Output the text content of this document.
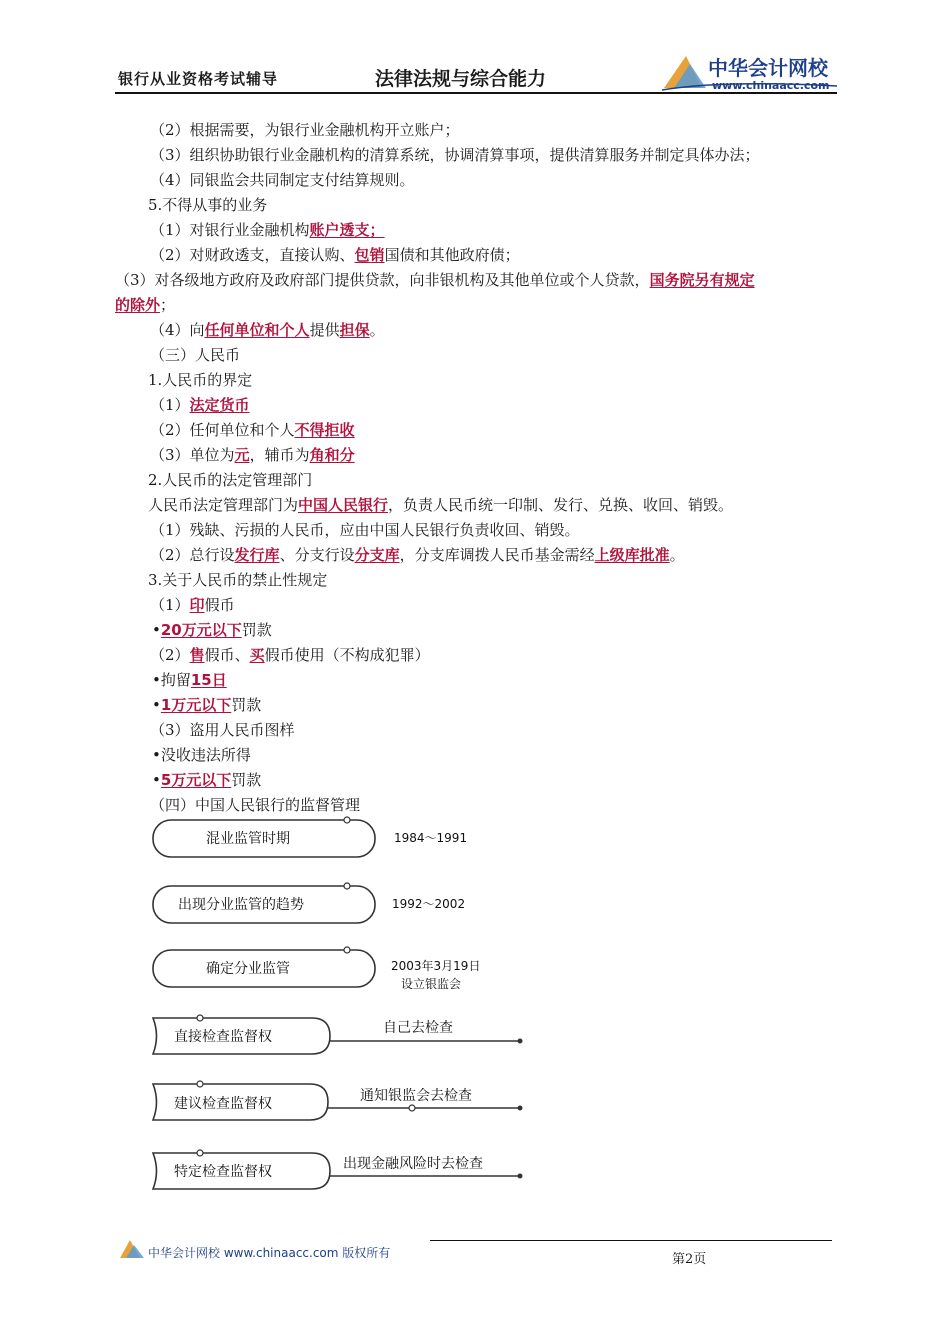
银行从业资格考试辅导	法律法规与综合能力	中华会计网校
www.chinaacc.com
（2）根据需要，为银行业金融机构开立账户；
（3）组织协助银行业金融机构的清算系统，协调清算事项，提供清算服务并制定具体办法；
（4）同银监会共同制定支付结算规则。
5.不得从事的业务
（1）对银行业金融机构账户透支；
（2）对财政透支，直接认购、包销国债和其他政府债；
（3）对各级地方政府及政府部门提供贷款，向非银机构及其他单位或个人贷款，国务院另有规定
的除外；
（4）向任何单位和个人提供担保。
（三）人民币
1.人民币的界定
（1）法定货币
（2）任何单位和个人不得拒收
（3）单位为元，辅币为角和分
2.人民币的法定管理部门
人民币法定管理部门为中国人民银行，负责人民币统一印制、发行、兑换、收回、销毁。
（1）残缺、污损的人民币，应由中国人民银行负责收回、销毁。
（2）总行设发行库、分支行设分支库，分支库调拨人民币基金需经上级库批准。
3.关于人民币的禁止性规定
（1）印假币
•20万元以下罚款
（2）售假币、买假币使用（不构成犯罪）
•拘留15日
•1万元以下罚款
（3）盗用人民币图样
•没收违法所得
•5万元以下罚款
（四）中国人民银行的监督管理
混业监管时期
出现分业监管的趋势
确定分业监管
直接检查监督权
建议检查监督权
特定检查监督权
1984～1991
1992～2002
2003年3月19日
设立银监会
自己去检查
通知银监会去检查
出现金融风险时去检查
中华会计网校 www.chinaacc.com 版权所有	第2页
